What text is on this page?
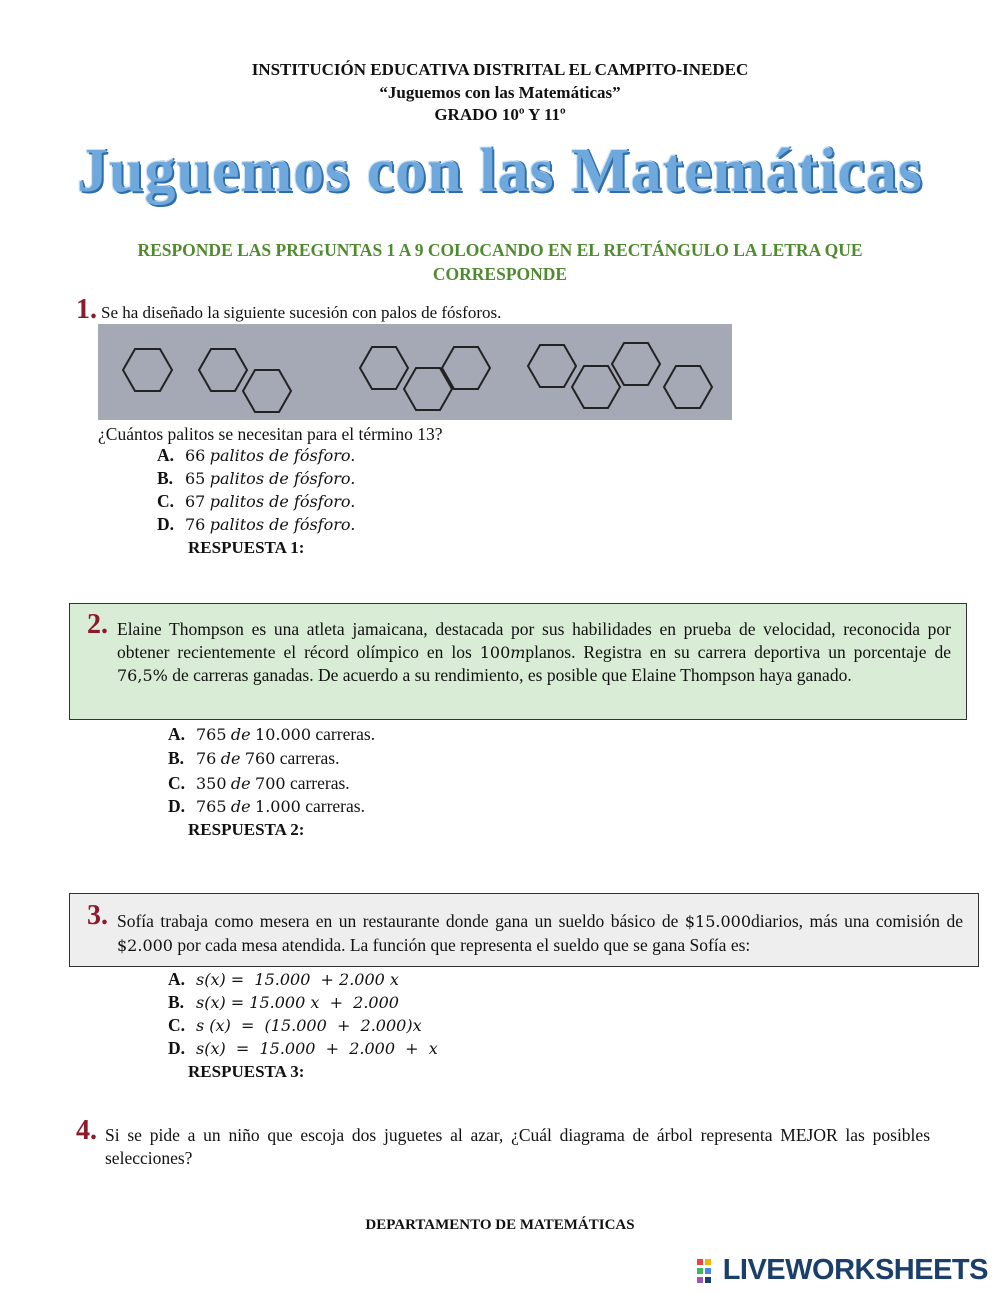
INSTITUCIÓN EDUCATIVA DISTRITAL EL CAMPITO-INEDEC
“Juguemos con las Matemáticas”
GRADO 10º Y 11º
Juguemos con las Matemáticas
RESPONDE LAS PREGUNTAS 1 A 9 COLOCANDO EN EL RECTÁNGULO LA LETRA QUE CORRESPONDE
1. Se ha diseñado la siguiente sucesión con palos de fósforos.
¿Cuántos palitos se necesitan para el término 13?
A. 66 palitos de fósforo.
B. 65 palitos de fósforo.
C. 67 palitos de fósforo.
D. 76 palitos de fósforo.
RESPUESTA 1:
2. Elaine Thompson es una atleta jamaicana, destacada por sus habilidades en prueba de velocidad, reconocida por obtener recientemente el récord olímpico en los 100mplanos. Registra en su carrera deportiva un porcentaje de 76,5% de carreras ganadas. De acuerdo a su rendimiento, es posible que Elaine Thompson haya ganado.
A. 765 de 10.000 carreras.
B. 76 de 760 carreras.
C. 350 de 700 carreras.
D. 765 de 1.000 carreras.
RESPUESTA 2:
3. Sofía trabaja como mesera en un restaurante donde gana un sueldo básico de $15.000diarios, más una comisión de $2.000 por cada mesa atendida. La función que representa el sueldo que se gana Sofía es:
A. s(x) =  15.000  + 2.000 x
B. s(x) = 15.000 x  +  2.000
C. s (x)  =  (15.000  +  2.000)x
D. s(x)  =  15.000  +  2.000  +  x
RESPUESTA 3:
4. Si se pide a un niño que escoja dos juguetes al azar, ¿Cuál diagrama de árbol representa MEJOR las posibles selecciones?
DEPARTAMENTO DE MATEMÁTICAS
LIVEWORKSHEETS
